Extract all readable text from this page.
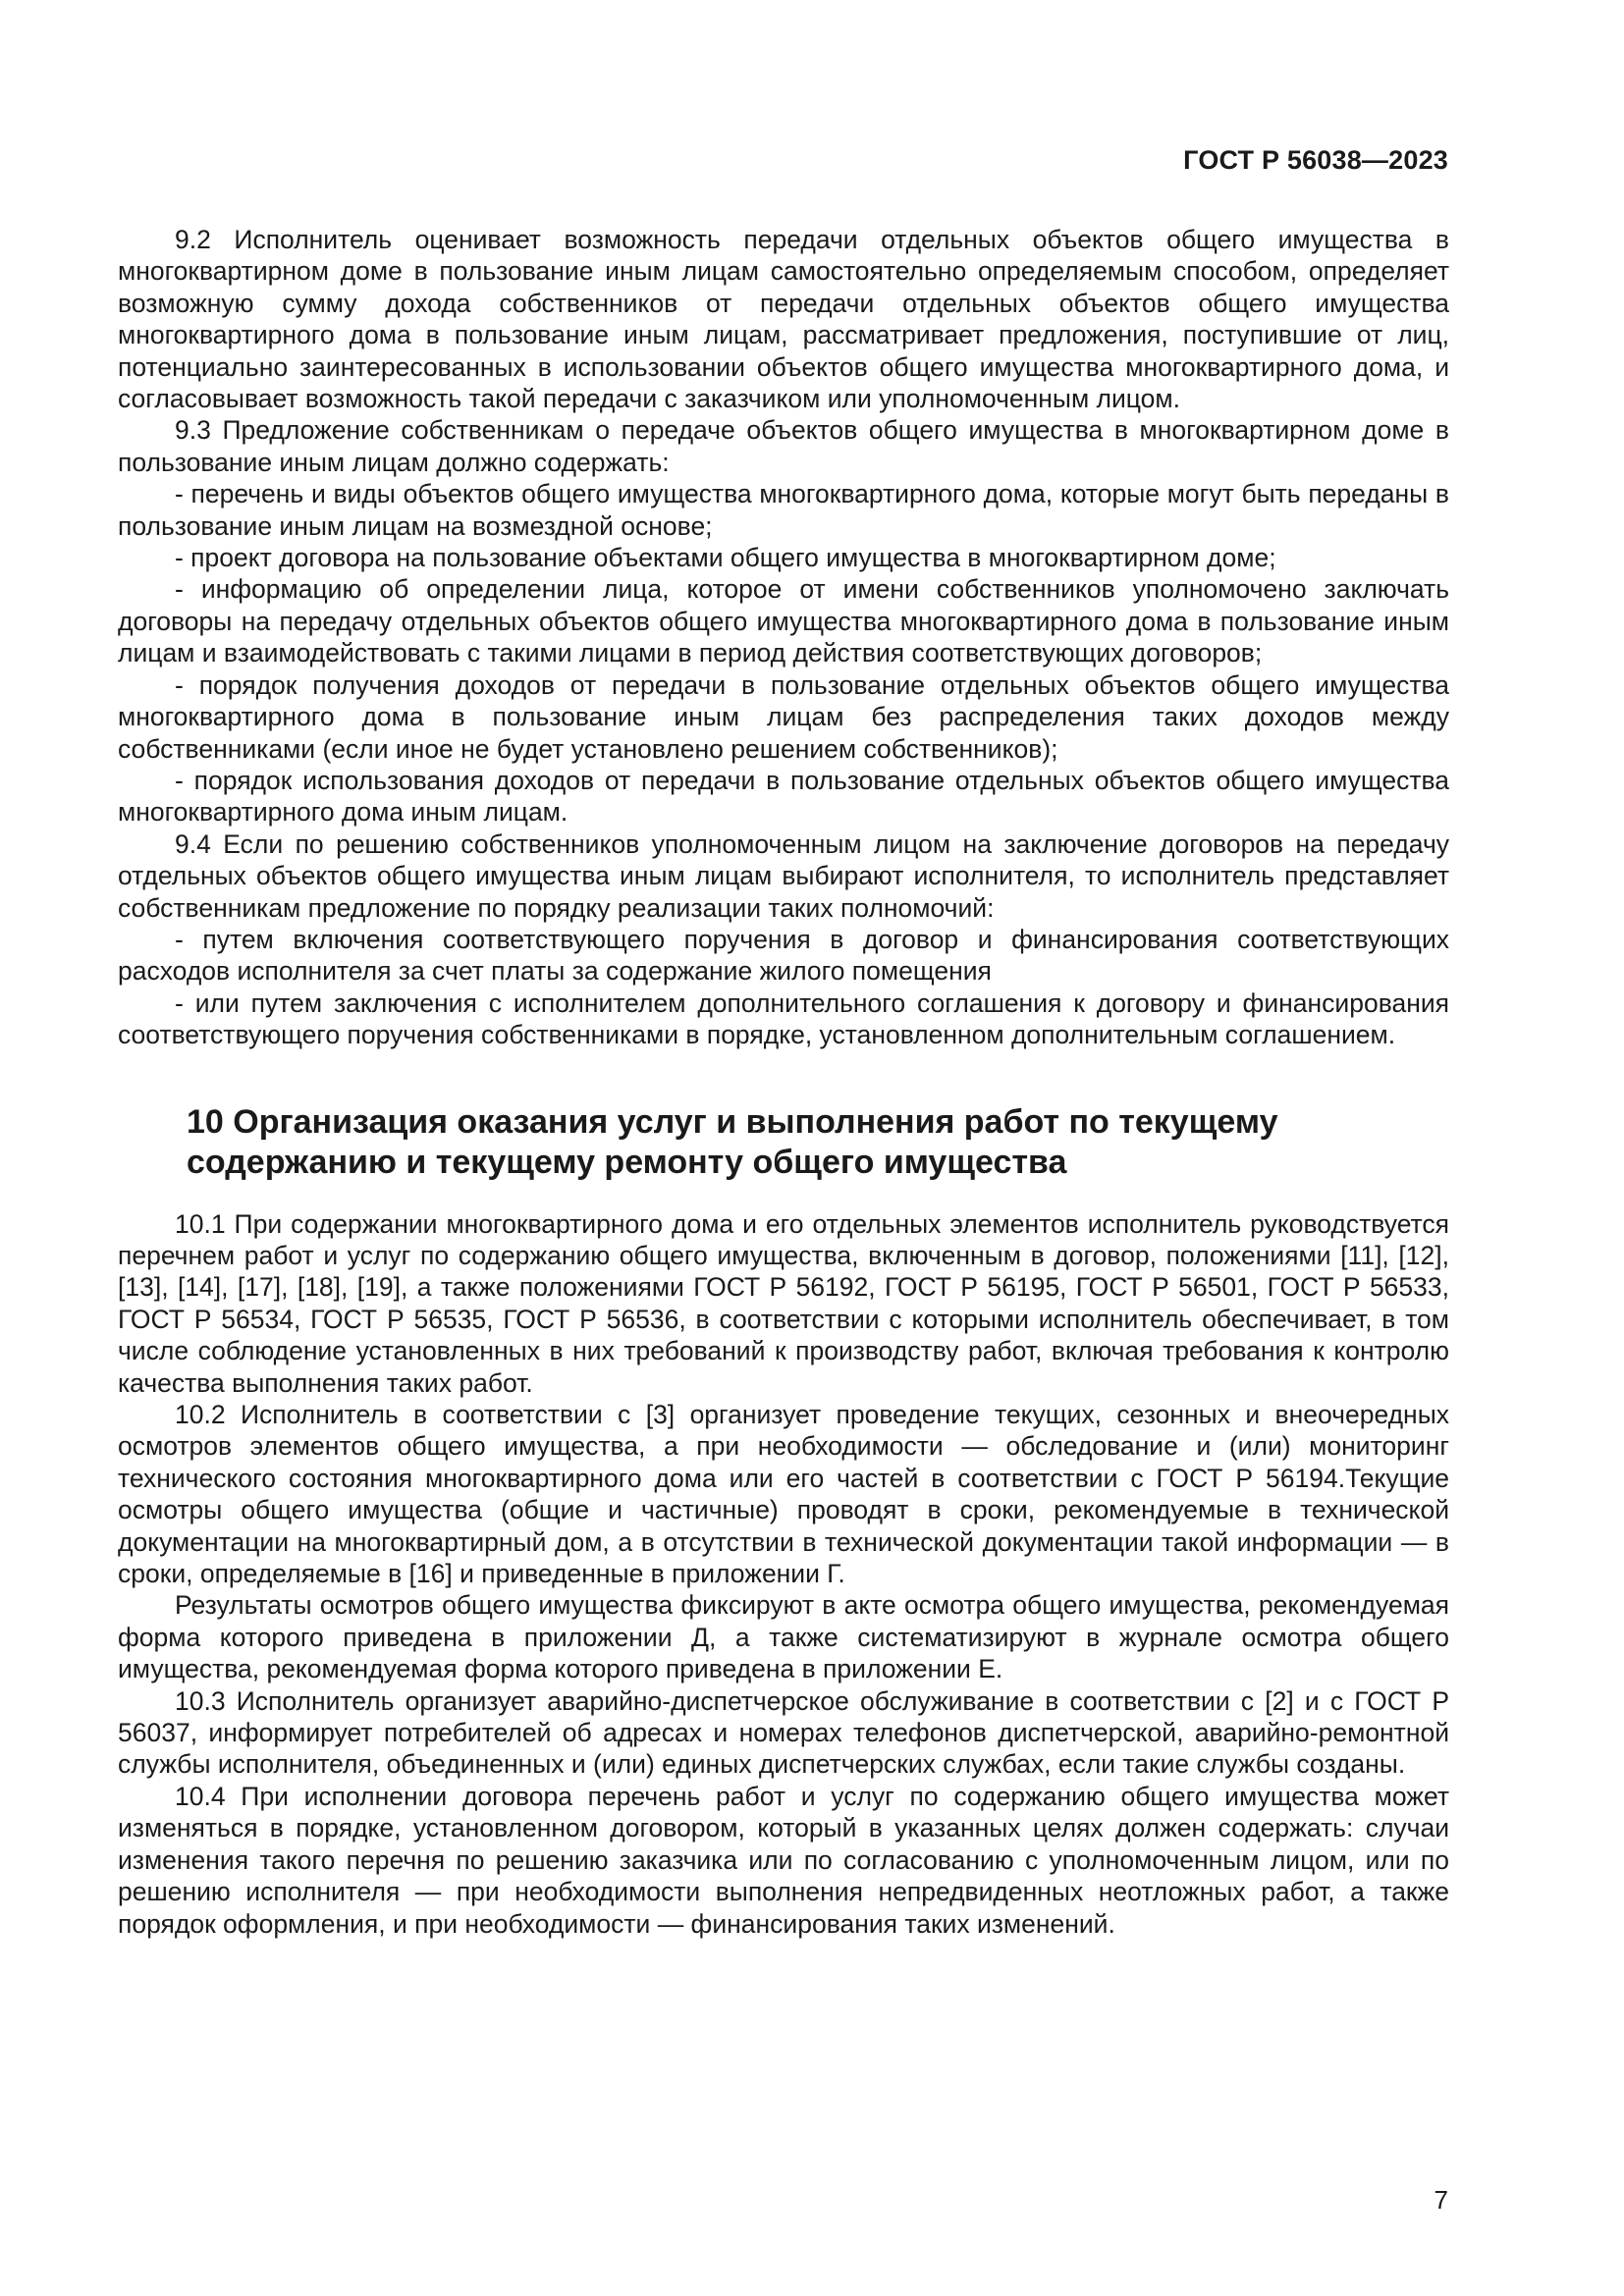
ГОСТ Р 56038—2023

9.2 Исполнитель оценивает возможность передачи отдельных объектов общего имущества в многоквартирном доме в пользование иным лицам самостоятельно определяемым способом, определяет возможную сумму дохода собственников от передачи отдельных объектов общего имущества многоквартирного дома в пользование иным лицам, рассматривает предложения, поступившие от лиц, потенциально заинтересованных в использовании объектов общего имущества многоквартирного дома, и согласовывает возможность такой передачи с заказчиком или уполномоченным лицом.

9.3 Предложение собственникам о передаче объектов общего имущества в многоквартирном доме в пользование иным лицам должно содержать:

- перечень и виды объектов общего имущества многоквартирного дома, которые могут быть переданы в пользование иным лицам на возмездной основе;

- проект договора на пользование объектами общего имущества в многоквартирном доме;

- информацию об определении лица, которое от имени собственников уполномочено заключать договоры на передачу отдельных объектов общего имущества многоквартирного дома в пользование иным лицам и взаимодействовать с такими лицами в период действия соответствующих договоров;

- порядок получения доходов от передачи в пользование отдельных объектов общего имущества многоквартирного дома в пользование иным лицам без распределения таких доходов между собственниками (если иное не будет установлено решением собственников);

- порядок использования доходов от передачи в пользование отдельных объектов общего имущества многоквартирного дома иным лицам.

9.4 Если по решению собственников уполномоченным лицом на заключение договоров на передачу отдельных объектов общего имущества иным лицам выбирают исполнителя, то исполнитель представляет собственникам предложение по порядку реализации таких полномочий:

- путем включения соответствующего поручения в договор и финансирования соответствующих расходов исполнителя за счет платы за содержание жилого помещения

- или путем заключения с исполнителем дополнительного соглашения к договору и финансирования соответствующего поручения собственниками в порядке, установленном дополнительным соглашением.

10 Организация оказания услуг и выполнения работ по текущему
содержанию и текущему ремонту общего имущества

10.1 При содержании многоквартирного дома и его отдельных элементов исполнитель руководствуется перечнем работ и услуг по содержанию общего имущества, включенным в договор, положениями [11], [12], [13], [14], [17], [18], [19], а также положениями ГОСТ Р 56192, ГОСТ Р 56195, ГОСТ Р 56501, ГОСТ Р 56533, ГОСТ Р 56534, ГОСТ Р 56535, ГОСТ Р 56536, в соответствии с которыми исполнитель обеспечивает, в том числе соблюдение установленных в них требований к производству работ, включая требования к контролю качества выполнения таких работ.

10.2 Исполнитель в соответствии с [3] организует проведение текущих, сезонных и внеочередных осмотров элементов общего имущества, а при необходимости — обследование и (или) мониторинг технического состояния многоквартирного дома или его частей в соответствии с ГОСТ Р 56194.Текущие осмотры общего имущества (общие и частичные) проводят в сроки, рекомендуемые в технической документации на многоквартирный дом, а в отсутствии в технической документации такой информации — в сроки, определяемые в [16] и приведенные в приложении Г.

Результаты осмотров общего имущества фиксируют в акте осмотра общего имущества, рекомендуемая форма которого приведена в приложении Д, а также систематизируют в журнале осмотра общего имущества, рекомендуемая форма которого приведена в приложении Е.

10.3 Исполнитель организует аварийно-диспетчерское обслуживание в соответствии с [2] и с ГОСТ Р 56037, информирует потребителей об адресах и номерах телефонов диспетчерской, аварийно-ремонтной службы исполнителя, объединенных и (или) единых диспетчерских службах, если такие службы созданы.

10.4 При исполнении договора перечень работ и услуг по содержанию общего имущества может изменяться в порядке, установленном договором, который в указанных целях должен содержать: случаи изменения такого перечня по решению заказчика или по согласованию с уполномоченным лицом, или по решению исполнителя — при необходимости выполнения непредвиденных неотложных работ, а также порядок оформления, и при необходимости — финансирования таких изменений.

7
